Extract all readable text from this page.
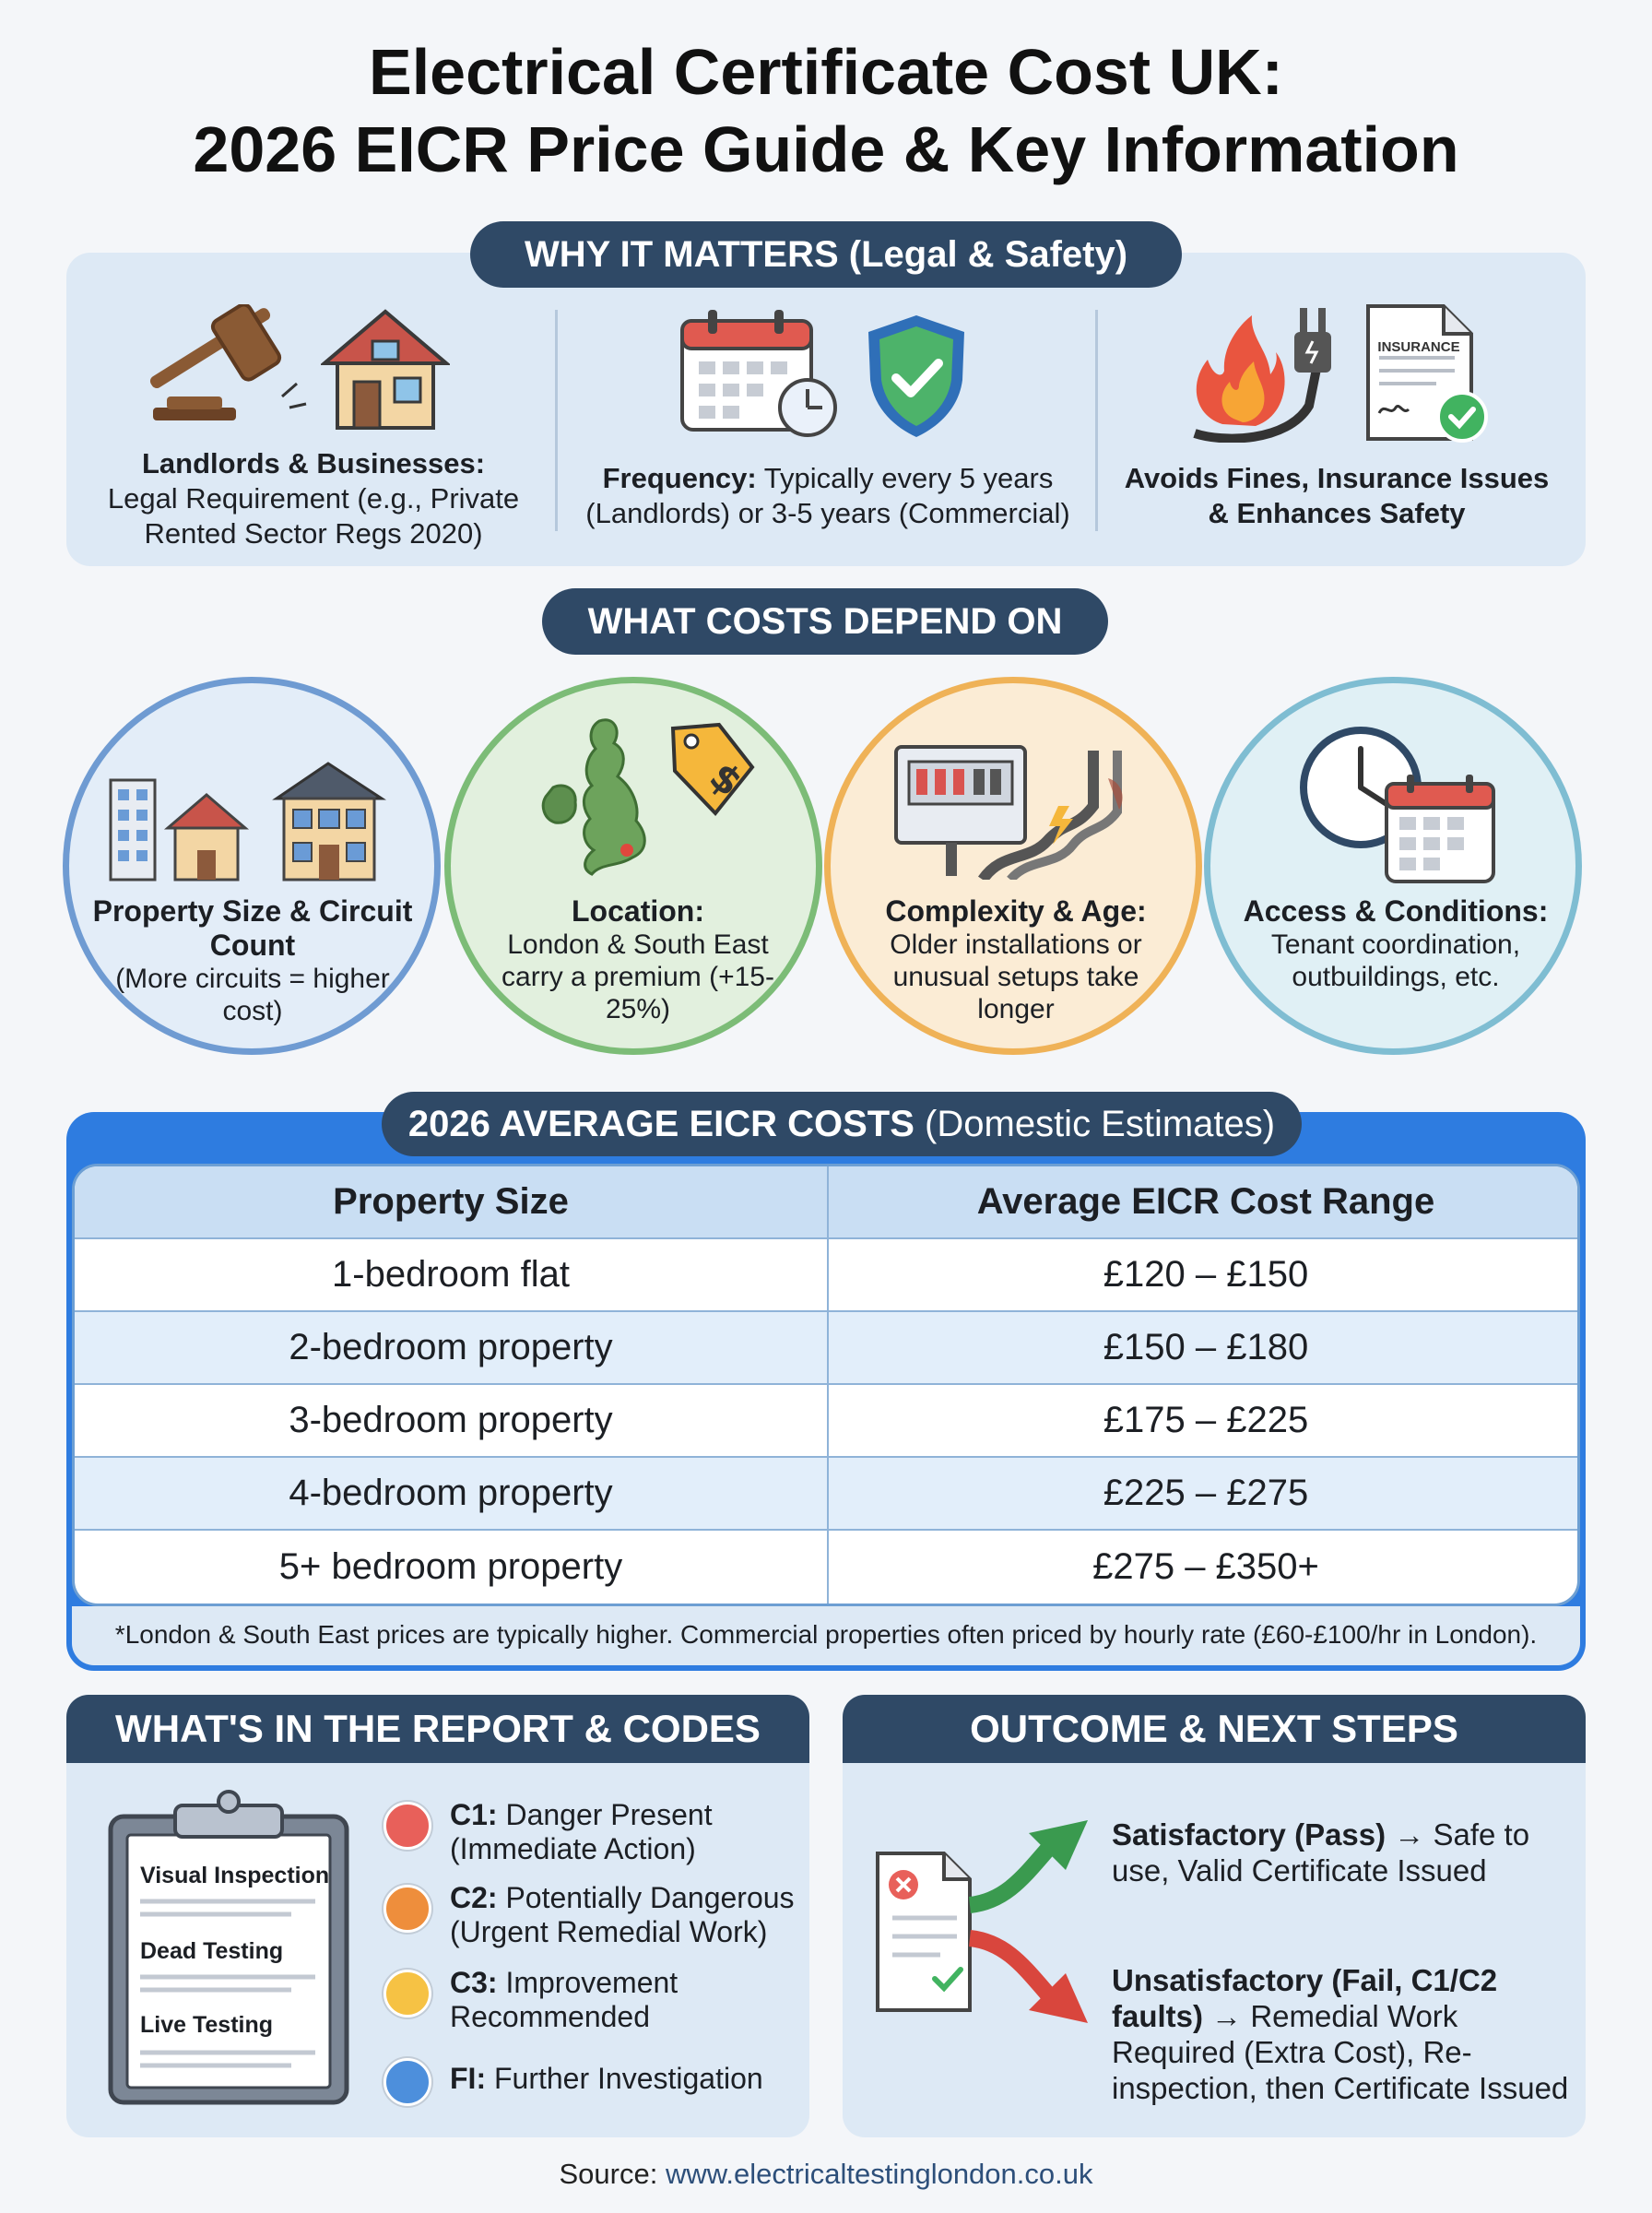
Electrical Certificate Cost UK:
2026 EICR Price Guide & Key Information
WHY IT MATTERS (Legal & Safety)
Landlords & Businesses:
Legal Requirement (e.g., Private Rented Sector Regs 2020)
Frequency: Typically every 5 years (Landlords) or 3-5 years (Commercial)
INSURANCE
Avoids Fines, Insurance Issues & Enhances Safety
WHAT COSTS DEPEND ON
$
Property Size & Circuit Count
(More circuits = higher cost)
Location:
London & South East carry a premium (+15-25%)
Complexity & Age:
Older installations or unusual setups take longer
Access & Conditions:
Tenant coordination, outbuildings, etc.
2026 AVERAGE EICR COSTS (Domestic Estimates)
Property Size	Average EICR Cost Range
1-bedroom flat	£120 – £150
2-bedroom property	£150 – £180
3-bedroom property	£175 – £225
4-bedroom property	£225 – £275
5+ bedroom property	£275 – £350+
*London & South East prices are typically higher. Commercial properties often priced by hourly rate (£60-£100/hr in London).
WHAT'S IN THE REPORT & CODES
Visual Inspection
Dead Testing
Live Testing
C1: Danger Present (Immediate Action)
C2: Potentially Dangerous (Urgent Remedial Work)
C3: Improvement Recommended
FI: Further Investigation
OUTCOME & NEXT STEPS
Satisfactory (Pass) → Safe to use, Valid Certificate Issued
Unsatisfactory (Fail, C1/C2 faults) → Remedial Work Required (Extra Cost), Re-inspection, then Certificate Issued
Source: www.electricaltestinglondon.co.uk
